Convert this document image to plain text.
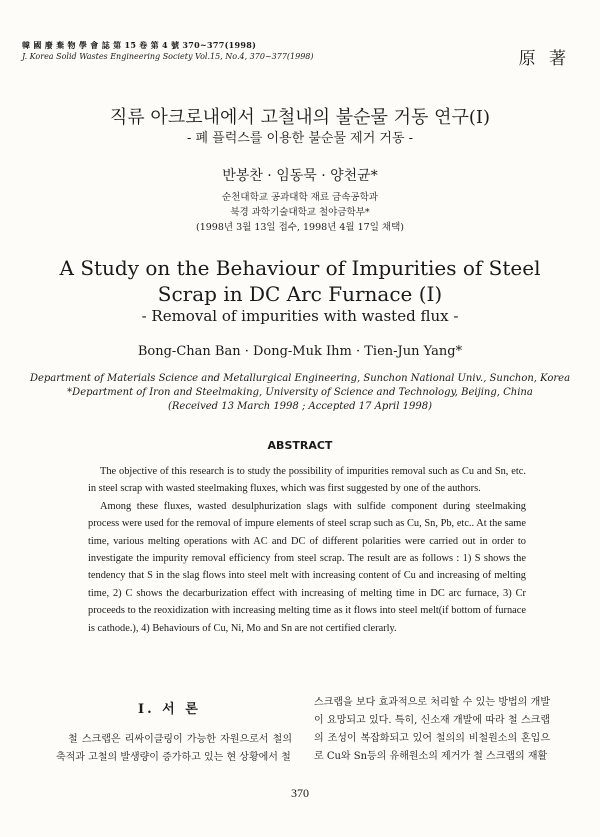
韓 國 廢 棄 物 學 會 誌 第 15 卷 第 4 號 370~377(1998)
J. Korea Solid Wastes Engineering Society Vol.15, No.4, 370~377(1998)	原 著
직류 아크로내에서 고철내의 불순물 거동 연구(Ⅰ)
- 폐 플럭스를 이용한 불순물 제거 거동 -
반봉찬 · 임동묵 · 양천균*
순천대학교 공과대학 재료 금속공학과
북경 과학기술대학교 철야금학부*
(1998년 3월 13일 접수, 1998년 4월 17일 채택)
A Study on the Behaviour of Impurities of Steel
Scrap in DC Arc Furnace (Ⅰ)
- Removal of impurities with wasted flux -
Bong-Chan Ban · Dong-Muk Ihm · Tien-Jun Yang*
Department of Materials Science and Metallurgical Engineering, Sunchon National Univ., Sunchon, Korea
*Department of Iron and Steelmaking, University of Science and Technology, Beijing, China
(Received 13 March 1998 ; Accepted 17 April 1998)
ABSTRACT

The objective of this research is to study the possibility of impurities removal such as Cu and Sn, etc. in steel scrap with wasted steelmaking fluxes, which was first suggested by one of the authors.

Among these fluxes, wasted desulphurization slags with sulfide component during steelmaking process were used for the removal of impure elements of steel scrap such as Cu, Sn, Pb, etc.. At the same time, various melting operations with AC and DC of different polarities were carried out in order to investigate the impurity removal efficiency from steel scrap. The result are as follows : 1) S shows the tendency that S in the slag flows into steel melt with increasing content of Cu and increasing of melting time, 2) C shows the decarburization effect with increasing of melting time in DC arc furnace, 3) Cr proceeds to the reoxidization with increasing melting time as it flows into steel melt(if bottom of furnace is cathode.), 4) Behaviours of Cu, Ni, Mo and Sn are not certified clerarly.

Ⅰ. 서 론
철 스크랩은 리싸이클링이 가능한 자원으로서 철의 축적과 고철의 발생량이 증가하고 있는 현 상황에서 철
스크랩을 보다 효과적으로 처리할 수 있는 방법의 개발이 요망되고 있다. 특히, 신소재 개발에 따라 철 스크랩의 조성이 복잡화되고 있어 철의의 비철원소의 혼입으로 Cu와 Sn등의 유해원소의 제거가 철 스크랩의 재활
370
